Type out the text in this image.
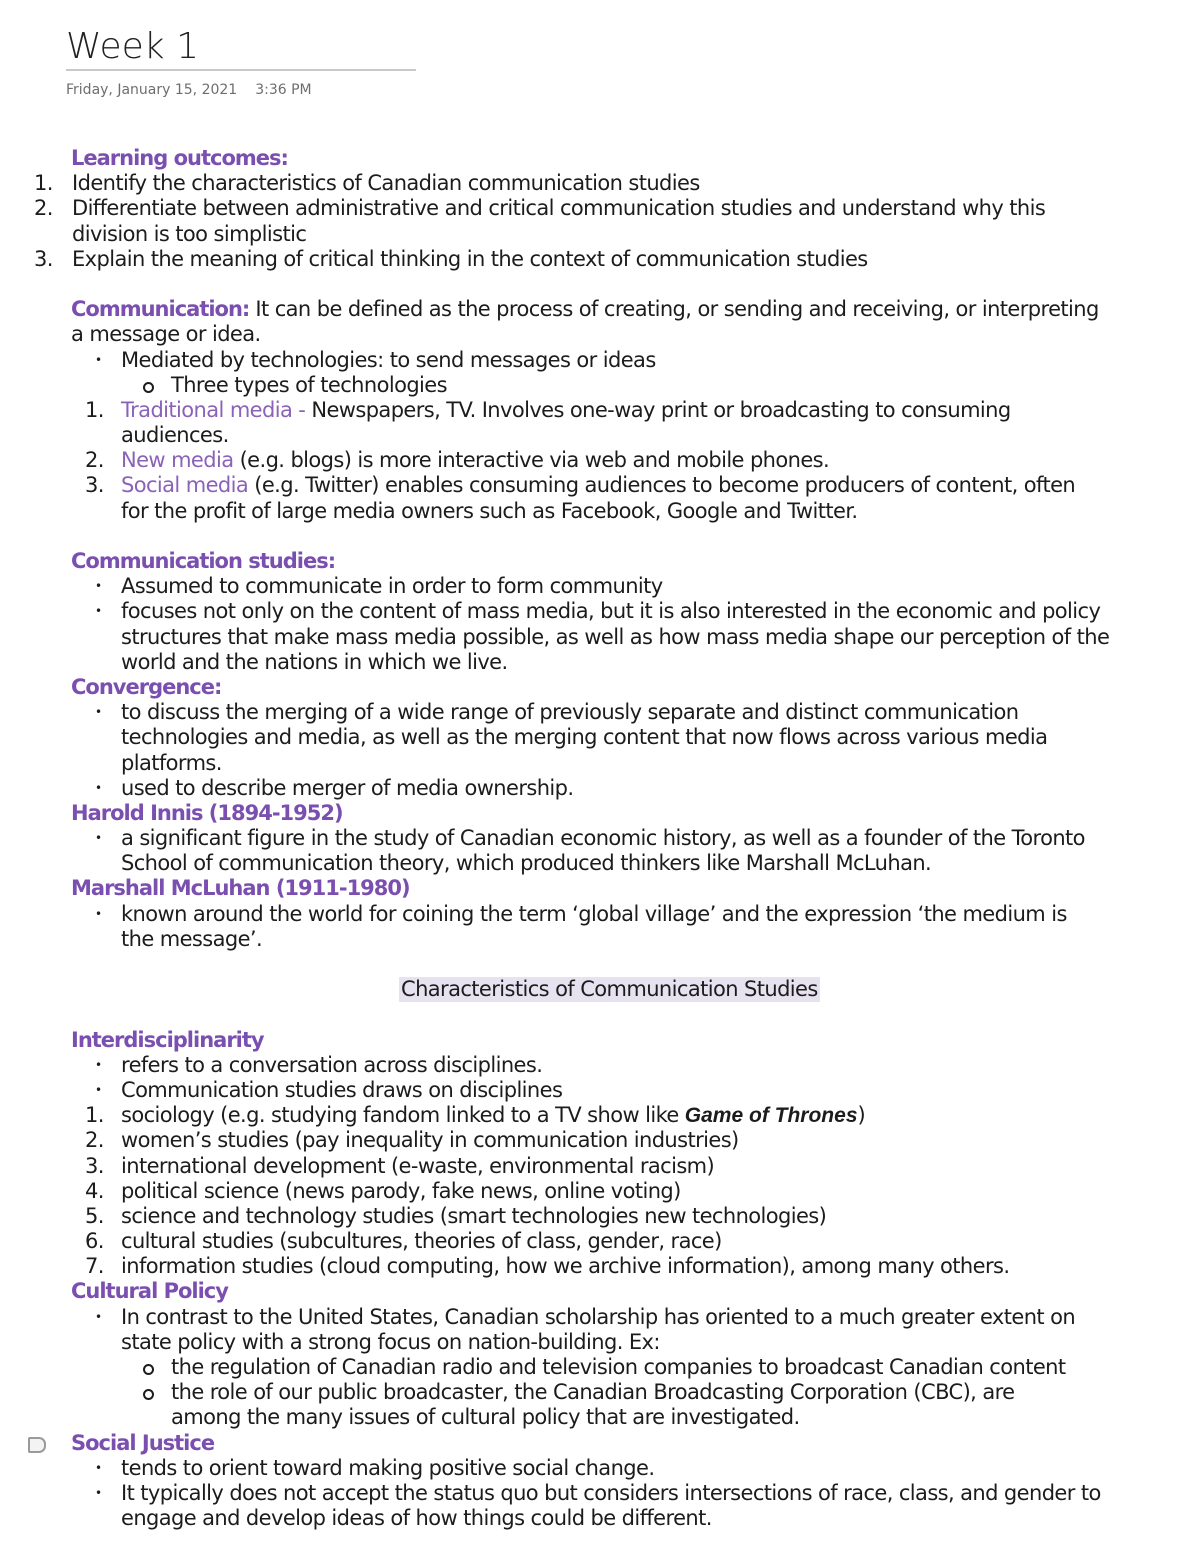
Week 1
Friday, January 15, 2021 3:36 PM
Learning outcomes:
1. Identify the characteristics of Canadian communication studies
2. Differentiate between administrative and critical communication studies and understand why this
division is too simplistic
3. Explain the meaning of critical thinking in the context of communication studies
Communication: It can be defined as the process of creating, or sending and receiving, or interpreting
a message or idea.
• Mediated by technologies: to send messages or ideas
Three types of technologies
1. Traditional media - Newspapers, TV. Involves one-way print or broadcasting to consuming
audiences.
2. New media (e.g. blogs) is more interactive via web and mobile phones.
3. Social media (e.g. Twitter) enables consuming audiences to become producers of content, often
for the profit of large media owners such as Facebook, Google and Twitter.
Communication studies:
• Assumed to communicate in order to form community
• focuses not only on the content of mass media, but it is also interested in the economic and policy
structures that make mass media possible, as well as how mass media shape our perception of the
world and the nations in which we live.
Convergence:
• to discuss the merging of a wide range of previously separate and distinct communication
technologies and media, as well as the merging content that now flows across various media
platforms.
• used to describe merger of media ownership.
Harold Innis (1894-1952)
• a significant figure in the study of Canadian economic history, as well as a founder of the Toronto
School of communication theory, which produced thinkers like Marshall McLuhan.
Marshall McLuhan (1911-1980)
• known around the world for coining the term ‘global village’ and the expression ‘the medium is
the message’.
Characteristics of Communication Studies
Interdisciplinarity
• refers to a conversation across disciplines.
• Communication studies draws on disciplines
1. sociology (e.g. studying fandom linked to a TV show like Game of Thrones)
2. women’s studies (pay inequality in communication industries)
3. international development (e-waste, environmental racism)
4. political science (news parody, fake news, online voting)
5. science and technology studies (smart technologies new technologies)
6. cultural studies (subcultures, theories of class, gender, race)
7. information studies (cloud computing, how we archive information), among many others.
Cultural Policy
• In contrast to the United States, Canadian scholarship has oriented to a much greater extent on
state policy with a strong focus on nation-building. Ex:
the regulation of Canadian radio and television companies to broadcast Canadian content
the role of our public broadcaster, the Canadian Broadcasting Corporation (CBC), are
among the many issues of cultural policy that are investigated.
Social Justice
• tends to orient toward making positive social change.
• It typically does not accept the status quo but considers intersections of race, class, and gender to
engage and develop ideas of how things could be different.
